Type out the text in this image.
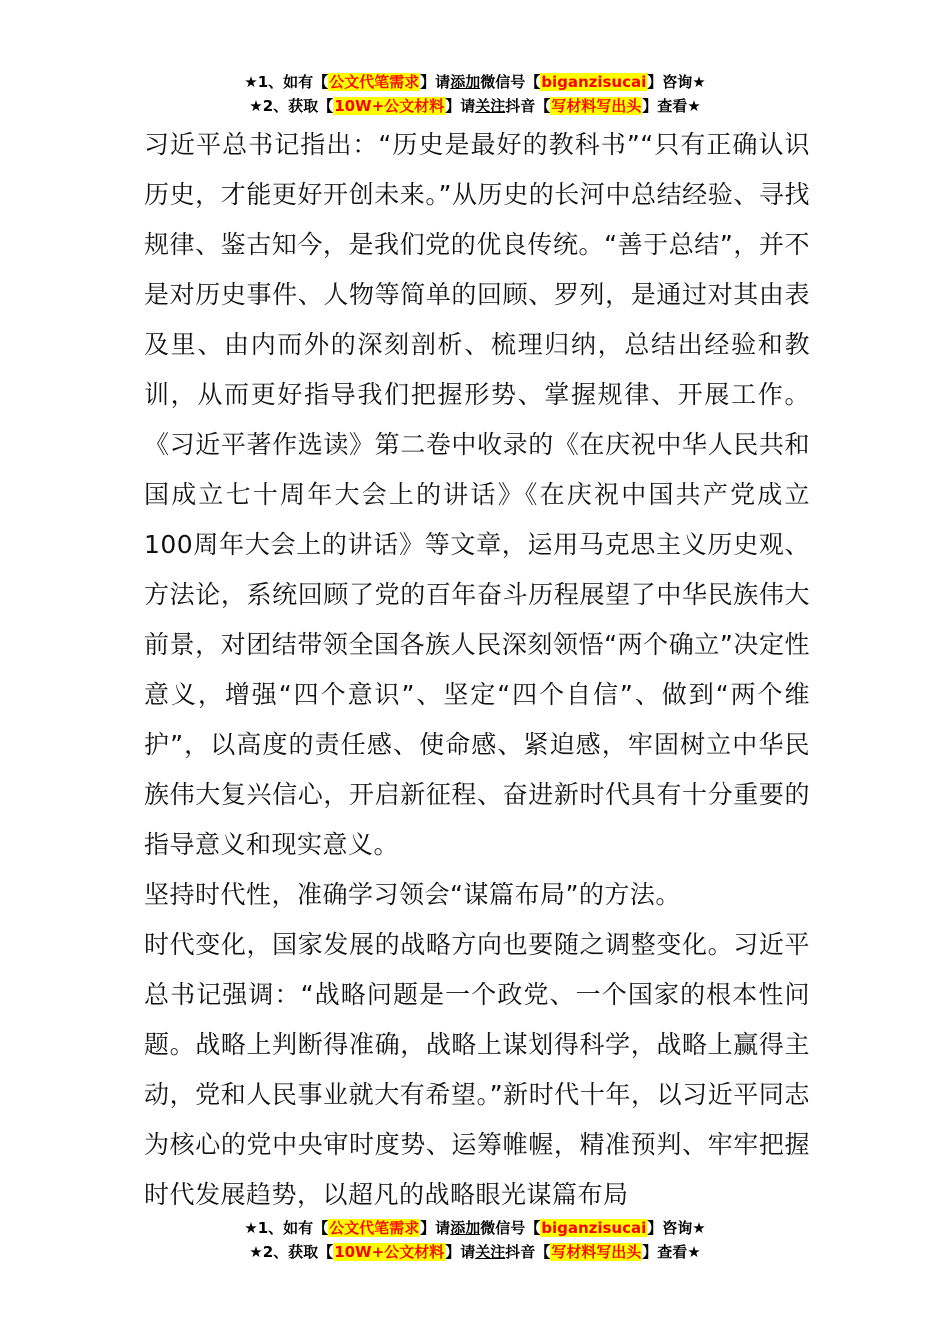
★1、如有【公文代笔需求】请添加微信号【biganzisucai】咨询★
★2、获取【10W+公文材料】请关注抖音【写材料写出头】查看★

习近平总书记指出：“历史是最好的教科书”“只有正确认识历史，才能更好开创未来。”从历史的长河中总结经验、寻找规律、鉴古知今，是我们党的优良传统。“善于总结”，并不是对历史事件、人物等简单的回顾、罗列，是通过对其由表及里、由内而外的深刻剖析、梳理归纳，总结出经验和教训，从而更好指导我们把握形势、掌握规律、开展工作。《习近平著作选读》第二卷中收录的《在庆祝中华人民共和国成立七十周年大会上的讲话》《在庆祝中国共产党成立100周年大会上的讲话》等文章，运用马克思主义历史观、方法论，系统回顾了党的百年奋斗历程展望了中华民族伟大前景，对团结带领全国各族人民深刻领悟“两个确立”决定性意义，增强“四个意识”、坚定“四个自信”、做到“两个维护”，以高度的责任感、使命感、紧迫感，牢固树立中华民族伟大复兴信心，开启新征程、奋进新时代具有十分重要的指导意义和现实意义。

坚持时代性，准确学习领会“谋篇布局”的方法。

时代变化，国家发展的战略方向也要随之调整变化。习近平总书记强调：“战略问题是一个政党、一个国家的根本性问题。战略上判断得准确，战略上谋划得科学，战略上赢得主动，党和人民事业就大有希望。”新时代十年，以习近平同志为核心的党中央审时度势、运筹帷幄，精准预判、牢牢把握时代发展趋势，以超凡的战略眼光谋篇布局

★1、如有【公文代笔需求】请添加微信号【biganzisucai】咨询★
★2、获取【10W+公文材料】请关注抖音【写材料写出头】查看★
